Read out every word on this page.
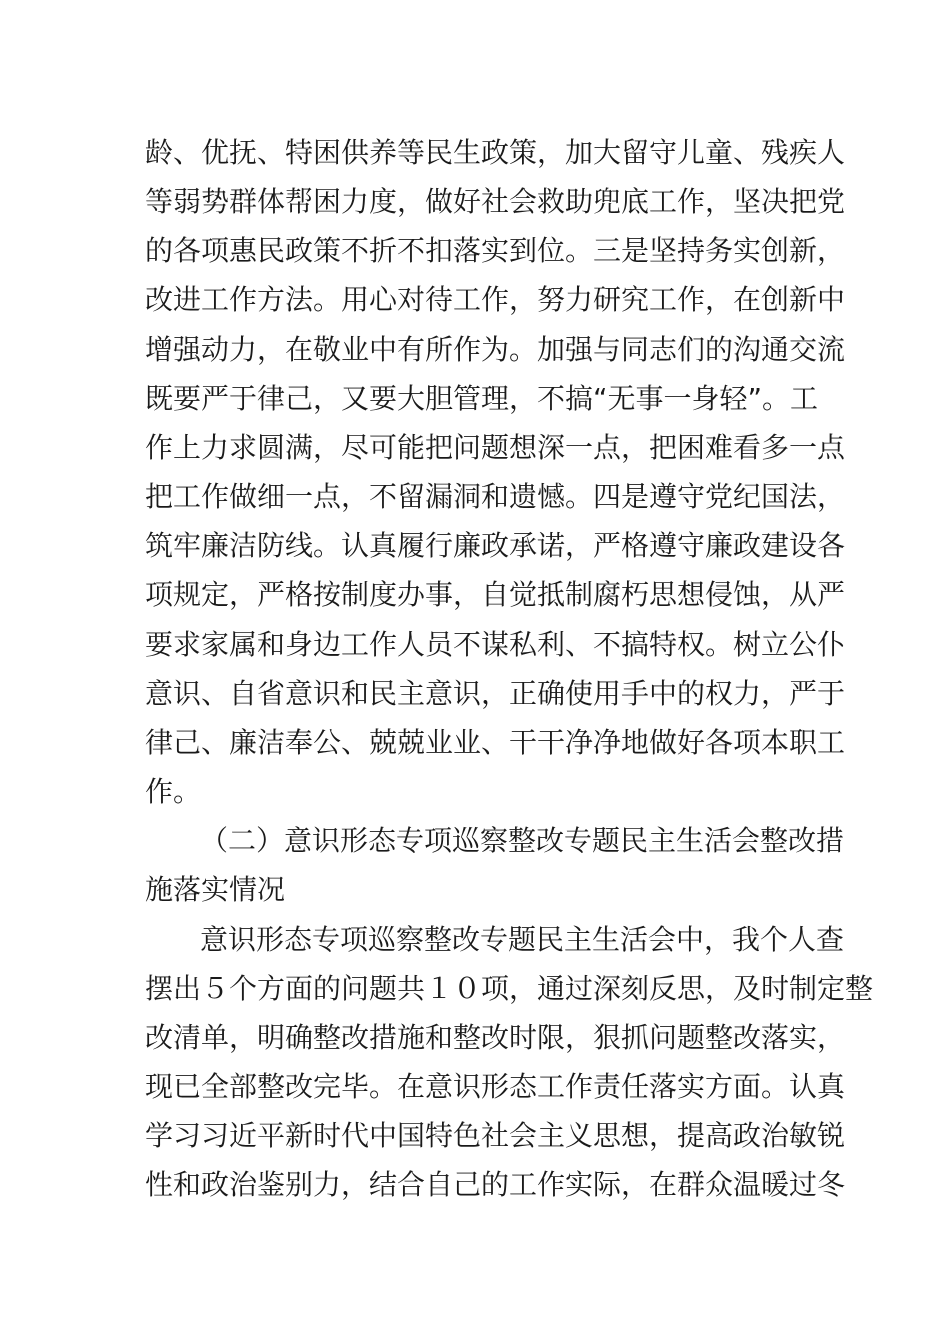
龄、优抚、特困供养等民生政策，加大留守儿童、残疾人
等弱势群体帮困力度，做好社会救助兜底工作，坚决把党
的各项惠民政策不折不扣落实到位。三是坚持务实创新，
改进工作方法。用心对待工作，努力研究工作，在创新中
增强动力，在敬业中有所作为。加强与同志们的沟通交流
既要严于律己，又要大胆管理，不搞“无事一身轻”。工
作上力求圆满，尽可能把问题想深一点，把困难看多一点
把工作做细一点，不留漏洞和遗憾。四是遵守党纪国法，
筑牢廉洁防线。认真履行廉政承诺，严格遵守廉政建设各
项规定，严格按制度办事，自觉抵制腐朽思想侵蚀，从严
要求家属和身边工作人员不谋私利、不搞特权。树立公仆
意识、自省意识和民主意识，正确使用手中的权力，严于
律己、廉洁奉公、兢兢业业、干干净净地做好各项本职工
作。
（二）意识形态专项巡察整改专题民主生活会整改措
施落实情况
意识形态专项巡察整改专题民主生活会中，我个人查
摆出５个方面的问题共１０项，通过深刻反思，及时制定整
改清单，明确整改措施和整改时限，狠抓问题整改落实，
现已全部整改完毕。在意识形态工作责任落实方面。认真
学习习近平新时代中国特色社会主义思想，提高政治敏锐
性和政治鉴别力，结合自己的工作实际，在群众温暖过冬
